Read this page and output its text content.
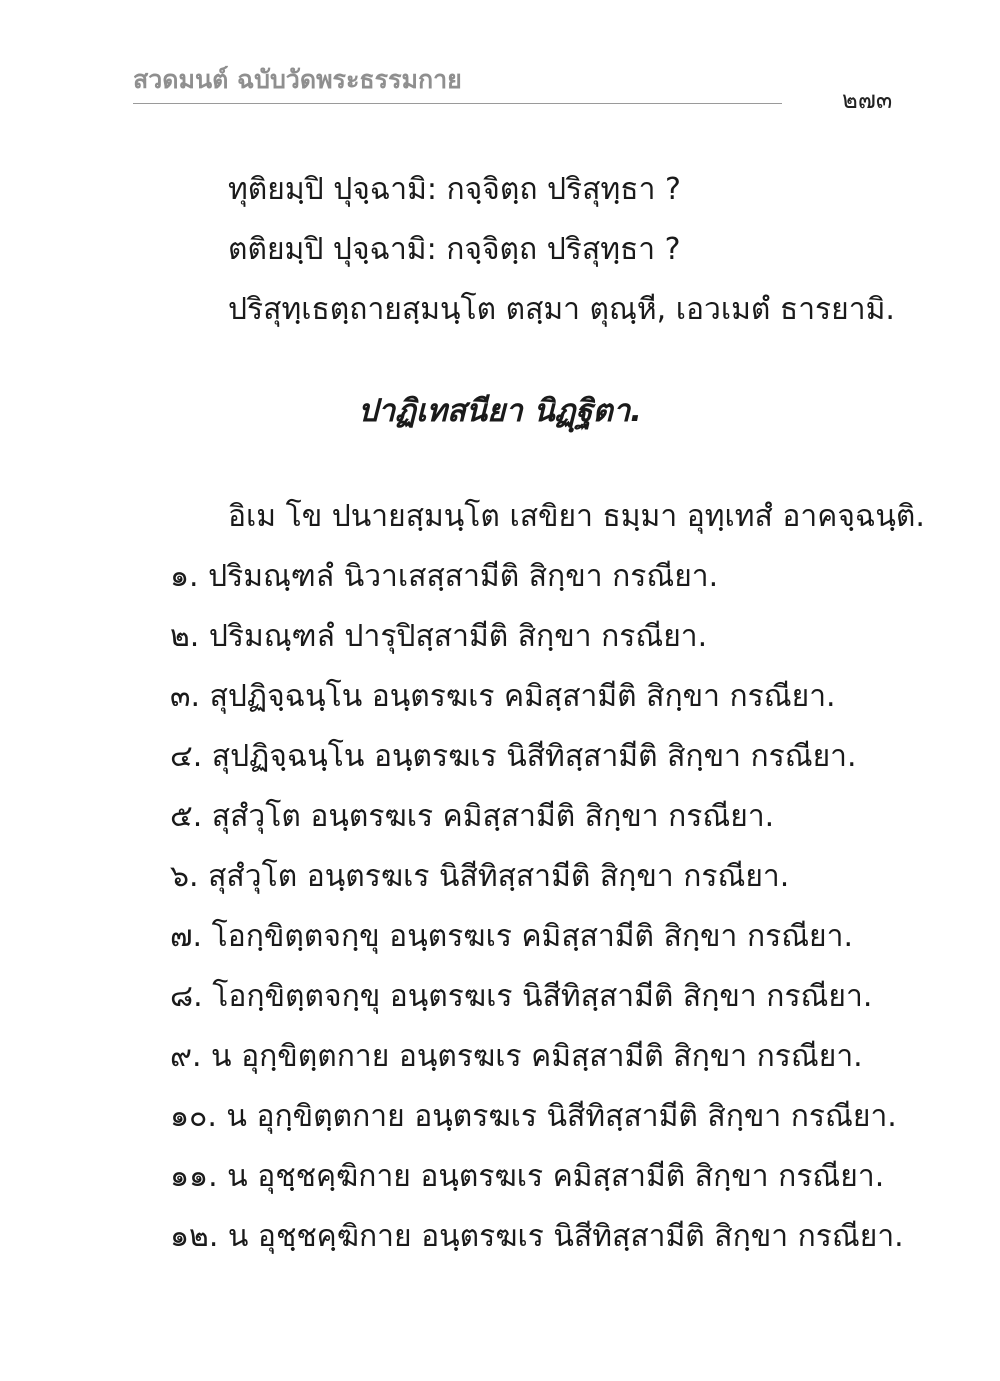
สวดมนต์ ฉบับวัดพระธรรมกาย
๒๗๓
ทุติยมฺปิ ปุจฺฉามิ: กจฺจิตฺถ ปริสุทฺธา ?
ตติยมฺปิ ปุจฺฉามิ: กจฺจิตฺถ ปริสุทฺธา ?
ปริสุทฺเธตฺถายสฺมนฺโต ตสฺมา ตุณฺหี, เอวเมตํ ธารยามิ.
ปาฏิเทสนียา นิฏฺฐิตา.
อิเม โข ปนายสฺมนฺโต เสขิยา ธมฺมา อุทฺเทสํ อาคจฺฉนฺติ.
๑. ปริมณฺฑลํ นิวาเสสฺสามีติ สิกฺขา กรณียา.
๒. ปริมณฺฑลํ ปารุปิสฺสามีติ สิกฺขา กรณียา.
๓. สุปฏิจฺฉนฺโน อนฺตรฆเร คมิสฺสามีติ สิกฺขา กรณียา.
๔. สุปฏิจฺฉนฺโน อนฺตรฆเร นิสีทิสฺสามีติ สิกฺขา กรณียา.
๕. สุสํวุโต อนฺตรฆเร คมิสฺสามีติ สิกฺขา กรณียา.
๖. สุสํวุโต อนฺตรฆเร นิสีทิสฺสามีติ สิกฺขา กรณียา.
๗. โอกฺขิตฺตจกฺขุ อนฺตรฆเร คมิสฺสามีติ สิกฺขา กรณียา.
๘. โอกฺขิตฺตจกฺขุ อนฺตรฆเร นิสีทิสฺสามีติ สิกฺขา กรณียา.
๙. น อุกฺขิตฺตกาย อนฺตรฆเร คมิสฺสามีติ สิกฺขา กรณียา.
๑๐. น อุกฺขิตฺตกาย อนฺตรฆเร นิสีทิสฺสามีติ สิกฺขา กรณียา.
๑๑. น อุชฺชคฺฆิกาย อนฺตรฆเร คมิสฺสามีติ สิกฺขา กรณียา.
๑๒. น อุชฺชคฺฆิกาย อนฺตรฆเร นิสีทิสฺสามีติ สิกฺขา กรณียา.
